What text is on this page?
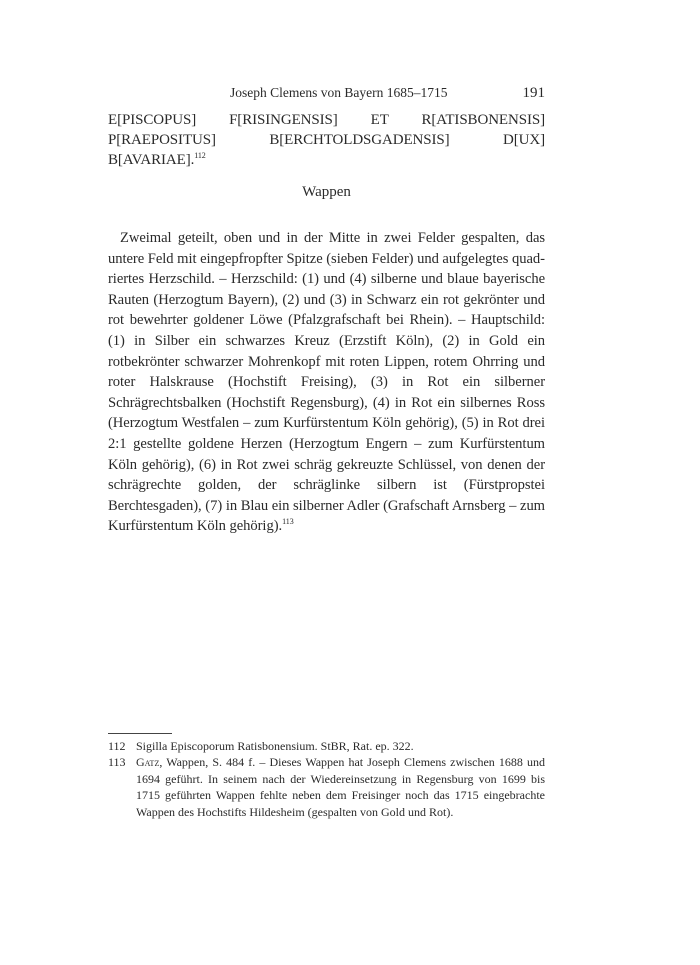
Joseph Clemens von Bayern 1685–1715	191
E[PISCOPUS] F[RISINGENSIS] ET R[ATISBONENSIS] P[RAEPOSITUS] B[ERCHTOLDSGADENSIS] D[UX] B[AVARIAE].$^{112}$
Wappen
Zweimal geteilt, oben und in der Mitte in zwei Felder gespalten, das untere Feld mit eingepfropfter Spitze (sieben Felder) und aufgelegtes quadriertes Herzschild. – Herzschild: (1) und (4) silberne und blaue bayerische Rauten (Herzogtum Bayern), (2) und (3) in Schwarz ein rot gekrönter und rot bewehrter goldener Löwe (Pfalzgrafschaft bei Rhein). – Hauptschild: (1) in Silber ein schwarzes Kreuz (Erzstift Köln), (2) in Gold ein rotbekrönter schwarzer Mohrenkopf mit roten Lippen, rotem Ohrring und roter Halskrause (Hochstift Freising), (3) in Rot ein silberner Schrägrechtsbalken (Hochstift Regensburg), (4) in Rot ein silbernes Ross (Herzogtum Westfalen – zum Kurfürstentum Köln gehörig), (5) in Rot drei 2:1 gestellte goldene Herzen (Herzogtum Engern – zum Kurfürstentum Köln gehörig), (6) in Rot zwei schräg gekreuzte Schlüssel, von denen der schrägrechte golden, der schräglinke silbern ist (Fürstpropstei Berchtesgaden), (7) in Blau ein silberner Adler (Grafschaft Arnsberg – zum Kurfürstentum Köln gehörig).$^{113}$
112 Sigilla Episcoporum Ratisbonensium. StBR, Rat. ep. 322.
113 Gatz, Wappen, S. 484 f. – Dieses Wappen hat Joseph Clemens zwischen 1688 und 1694 geführt. In seinem nach der Wiedereinsetzung in Regensburg von 1699 bis 1715 geführten Wappen fehlte neben dem Freisinger noch das 1715 eingebrachte Wappen des Hochstifts Hildesheim (gespalten von Gold und Rot).
